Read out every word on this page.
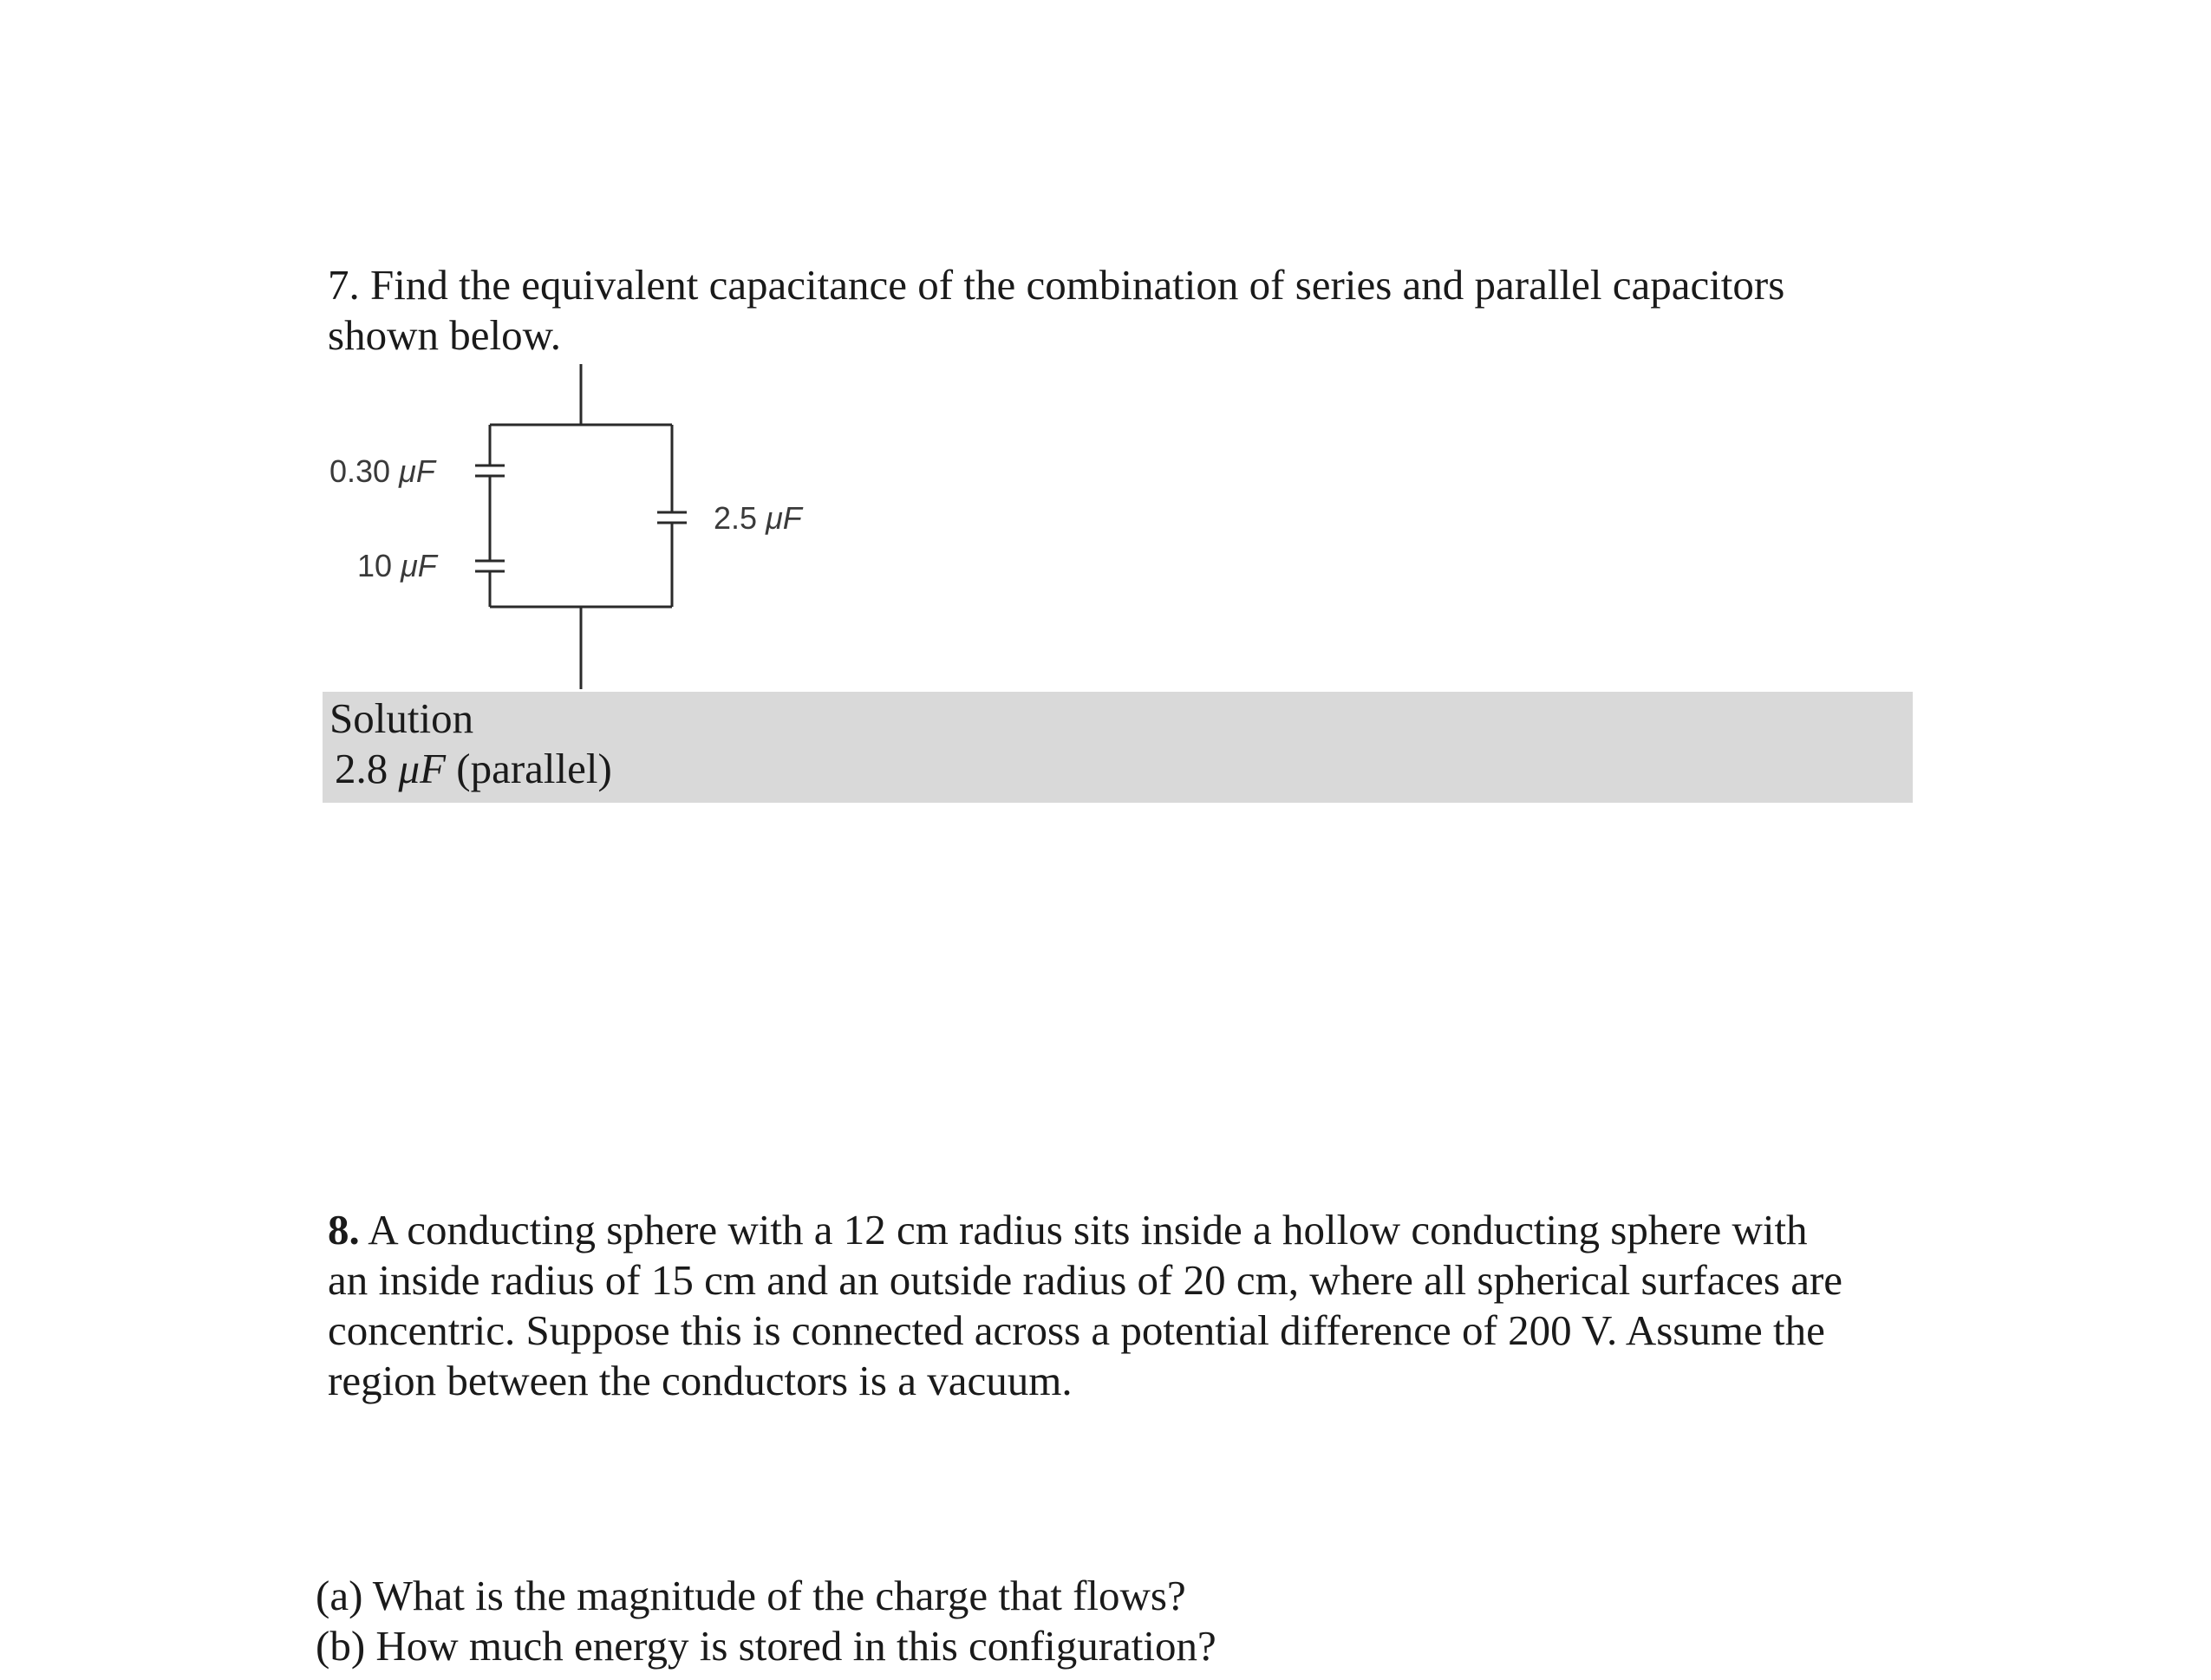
7. Find the equivalent capacitance of the combination of series and parallel capacitors
shown below.
0.30 μF
10 μF
2.5 μF
Solution
2.8 μF (parallel)
8. A conducting sphere with a 12 cm radius sits inside a hollow conducting sphere with
an inside radius of 15 cm and an outside radius of 20 cm, where all spherical surfaces are
concentric. Suppose this is connected across a potential difference of 200 V. Assume the
region between the conductors is a vacuum.
(a) What is the magnitude of the charge that flows?
(b) How much energy is stored in this configuration?
